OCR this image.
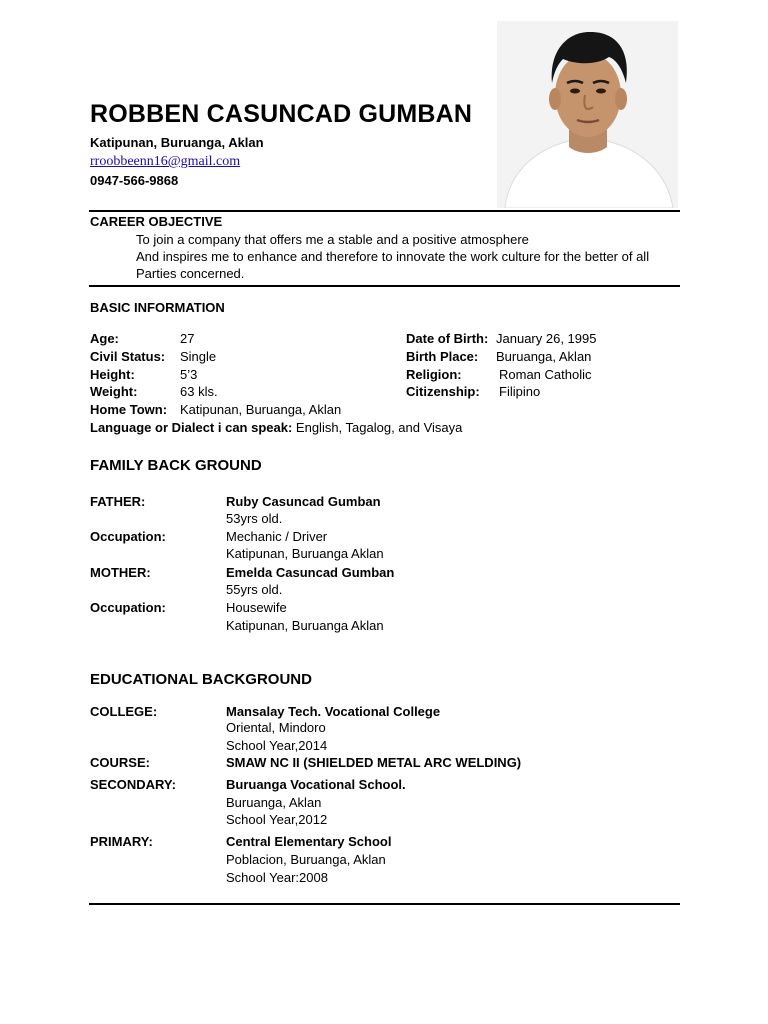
ROBBEN CASUNCAD GUMBAN
Katipunan, Buruanga, Aklan
rroobbeenn16@gmail.com
0947-566-9868
CAREER OBJECTIVE
To join a company that offers me a stable and a positive atmosphere
And inspires me to enhance and therefore to innovate the work culture for the better of all
Parties concerned.
BASIC INFORMATION
Age:	27
Civil Status: Single
Height:	5’3
Weight:	63 kls.
Home Town: Katipunan, Buruanga, Aklan
Date of Birth: January 26, 1995
Birth Place: Buruanga, Aklan
Religion:	Roman Catholic
Citizenship: Filipino
Language or Dialect i can speak: English, Tagalog, and Visaya
FAMILY BACK GROUND
FATHER:	Ruby Casuncad Gumban
53yrs old.
Occupation:	Mechanic / Driver
Katipunan, Buruanga Aklan
MOTHER:	Emelda Casuncad Gumban
55yrs old.
Occupation:	Housewife
Katipunan, Buruanga Aklan
EDUCATIONAL BACKGROUND
COLLEGE:	Mansalay Tech. Vocational College
Oriental, Mindoro
School Year,2014
COURSE:	SMAW NC II (SHIELDED METAL ARC WELDING)
SECONDARY:	Buruanga Vocational School.
Buruanga, Aklan
School Year,2012
PRIMARY:	Central Elementary School
Poblacion, Buruanga, Aklan
School Year:2008
